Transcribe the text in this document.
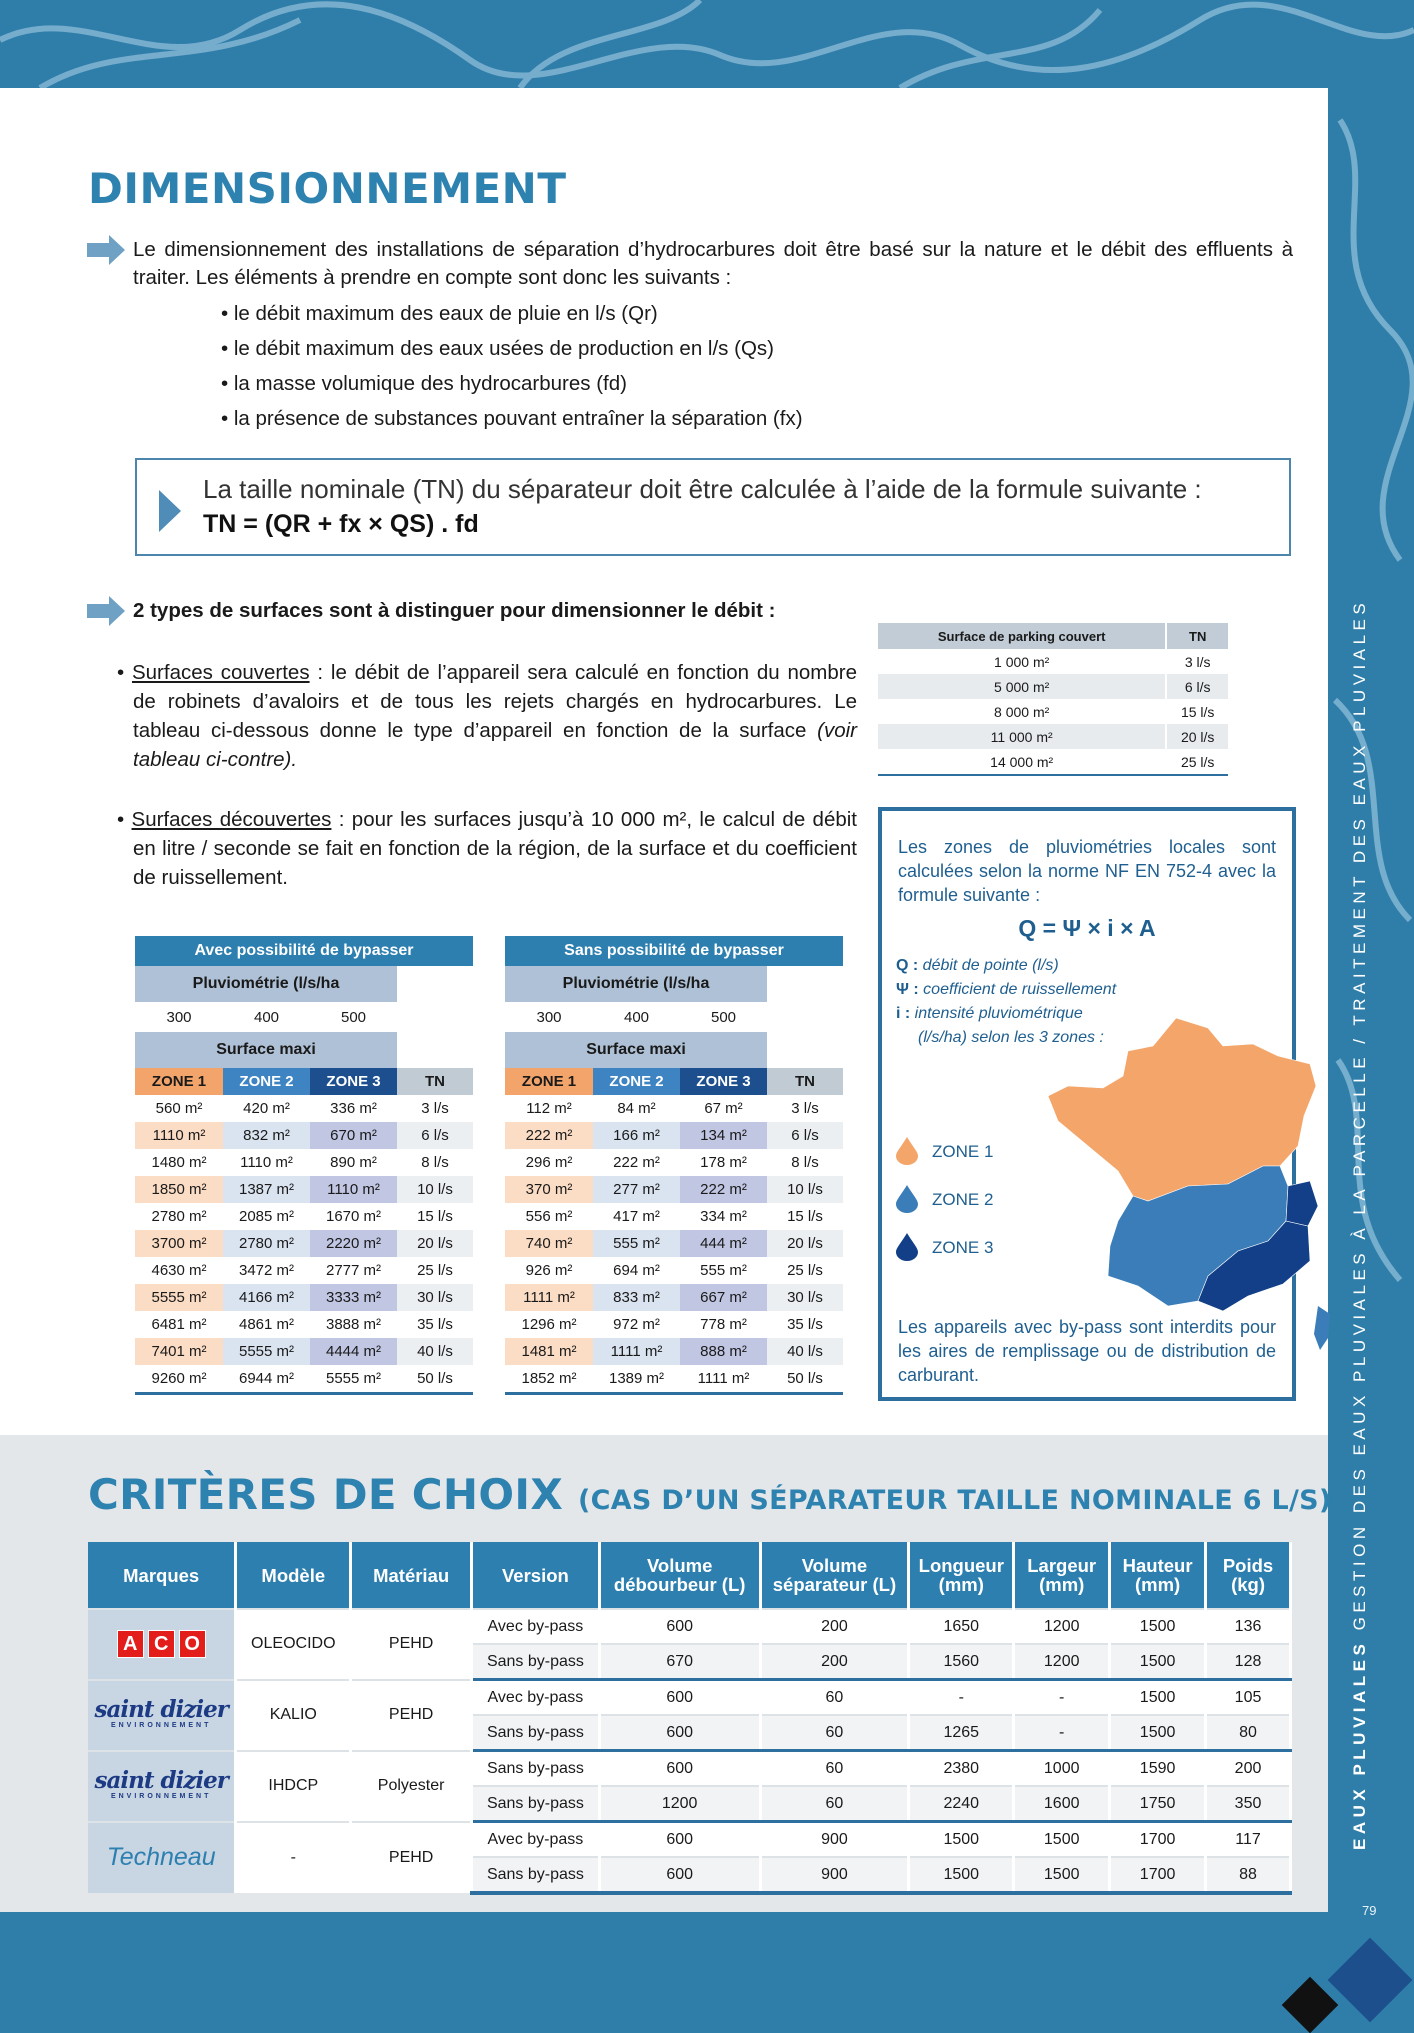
DIMENSIONNEMENT
Le dimensionnement des installations de séparation d’hydrocarbures doit être basé sur la nature et le débit des effluents à traiter. Les éléments à prendre en compte sont donc les suivants :
• le débit maximum des eaux de pluie en l/s (Qr)
• le débit maximum des eaux usées de production en l/s (Qs)
• la masse volumique des hydrocarbures (fd)
• la présence de substances pouvant entraîner la séparation (fx)
La taille nominale (TN) du séparateur doit être calculée à l’aide de la formule suivante :
TN = (QR + fx × QS) . fd
2 types de surfaces sont à distinguer pour dimensionner le débit :
• Surfaces couvertes : le débit de l’appareil sera calculé en fonction du nombre de robinets d’avaloirs et de tous les rejets chargés en hydrocarbures. Le tableau ci-dessous donne le type d’appareil en fonction de la surface (voir tableau ci-contre).
• Surfaces découvertes : pour les surfaces jusqu’à 10 000 m², le calcul de débit en litre / seconde se fait en fonction de la région, de la surface et du coefficient de ruissellement.
Surface de parking couvert	TN
1 000 m²	3 l/s
5 000 m²	6 l/s
8 000 m²	15 l/s
11 000 m²	20 l/s
14 000 m²	25 l/s
Les zones de pluviométries locales sont calculées selon la norme NF EN 752-4 avec la formule suivante :
Q = Ψ × i × A
Q : débit de pointe (l/s)
Ψ : coefficient de ruissellement
i : intensité pluviométrique
(l/s/ha) selon les 3 zones :
ZONE 1
ZONE 2
ZONE 3
Les appareils avec by-pass sont interdits pour les aires de remplissage ou de distribution de carburant.
Avec possibilité de bypasser			
Pluviométrie (l/s/ha			
300	400	500	
Surface maxi			
ZONE 1	ZONE 2	ZONE 3	TN
560 m²	420 m²	336 m²	3 l/s
1110 m²	832 m²	670 m²	6 l/s
1480 m²	1110 m²	890 m²	8 l/s
1850 m²	1387 m²	1110 m²	10 l/s
2780 m²	2085 m²	1670 m²	15 l/s
3700 m²	2780 m²	2220 m²	20 l/s
4630 m²	3472 m²	2777 m²	25 l/s
5555 m²	4166 m²	3333 m²	30 l/s
6481 m²	4861 m²	3888 m²	35 l/s
7401 m²	5555 m²	4444 m²	40 l/s
9260 m²	6944 m²	5555 m²	50 l/s
Sans possibilité de bypasser			
Pluviométrie (l/s/ha			
300	400	500	
Surface maxi			
ZONE 1	ZONE 2	ZONE 3	TN
112 m²	84 m²	67 m²	3 l/s
222 m²	166 m²	134 m²	6 l/s
296 m²	222 m²	178 m²	8 l/s
370 m²	277 m²	222 m²	10 l/s
556 m²	417 m²	334 m²	15 l/s
740 m²	555 m²	444 m²	20 l/s
926 m²	694 m²	555 m²	25 l/s
1111 m²	833 m²	667 m²	30 l/s
1296 m²	972 m²	778 m²	35 l/s
1481 m²	1111 m²	888 m²	40 l/s
1852 m²	1389 m²	1111 m²	50 l/s
CRITÈRES DE CHOIX (CAS D’UN SÉPARATEUR TAILLE NOMINALE 6 L/S)
Marques	Modèle	Matériau	Version	Volume débourbeur (L)	Volume séparateur (L)	Longueur (mm)	Largeur (mm)	Hauteur (mm)	Poids (kg)
A C O	OLEOCIDO	PEHD	Avec by-pass	600	200	1650	1200	1500	136
			Sans by-pass	670	200	1560	1200	1500	128

saint dizier
ENVIRONNEMENT	KALIO	PEHD	Avec by-pass	600	60	-	-	1500	105
			Sans by-pass	600	60	1265	-	1500	80

saint dizier
ENVIRONNEMENT	IHDCP	Polyester	Sans by-pass	600	60	2380	1000	1590	200
			Sans by-pass	1200	60	2240	1600	1750	350

Techneau	-	PEHD	Avec by-pass	600	900	1500	1500	1700	117
			Sans by-pass	600	900	1500	1500	1700	88
EAUX PLUVIALES GESTION DES EAUX PLUVIALES À LA PARCELLE / TRAITEMENT DES EAUX PLUVIALES
79
